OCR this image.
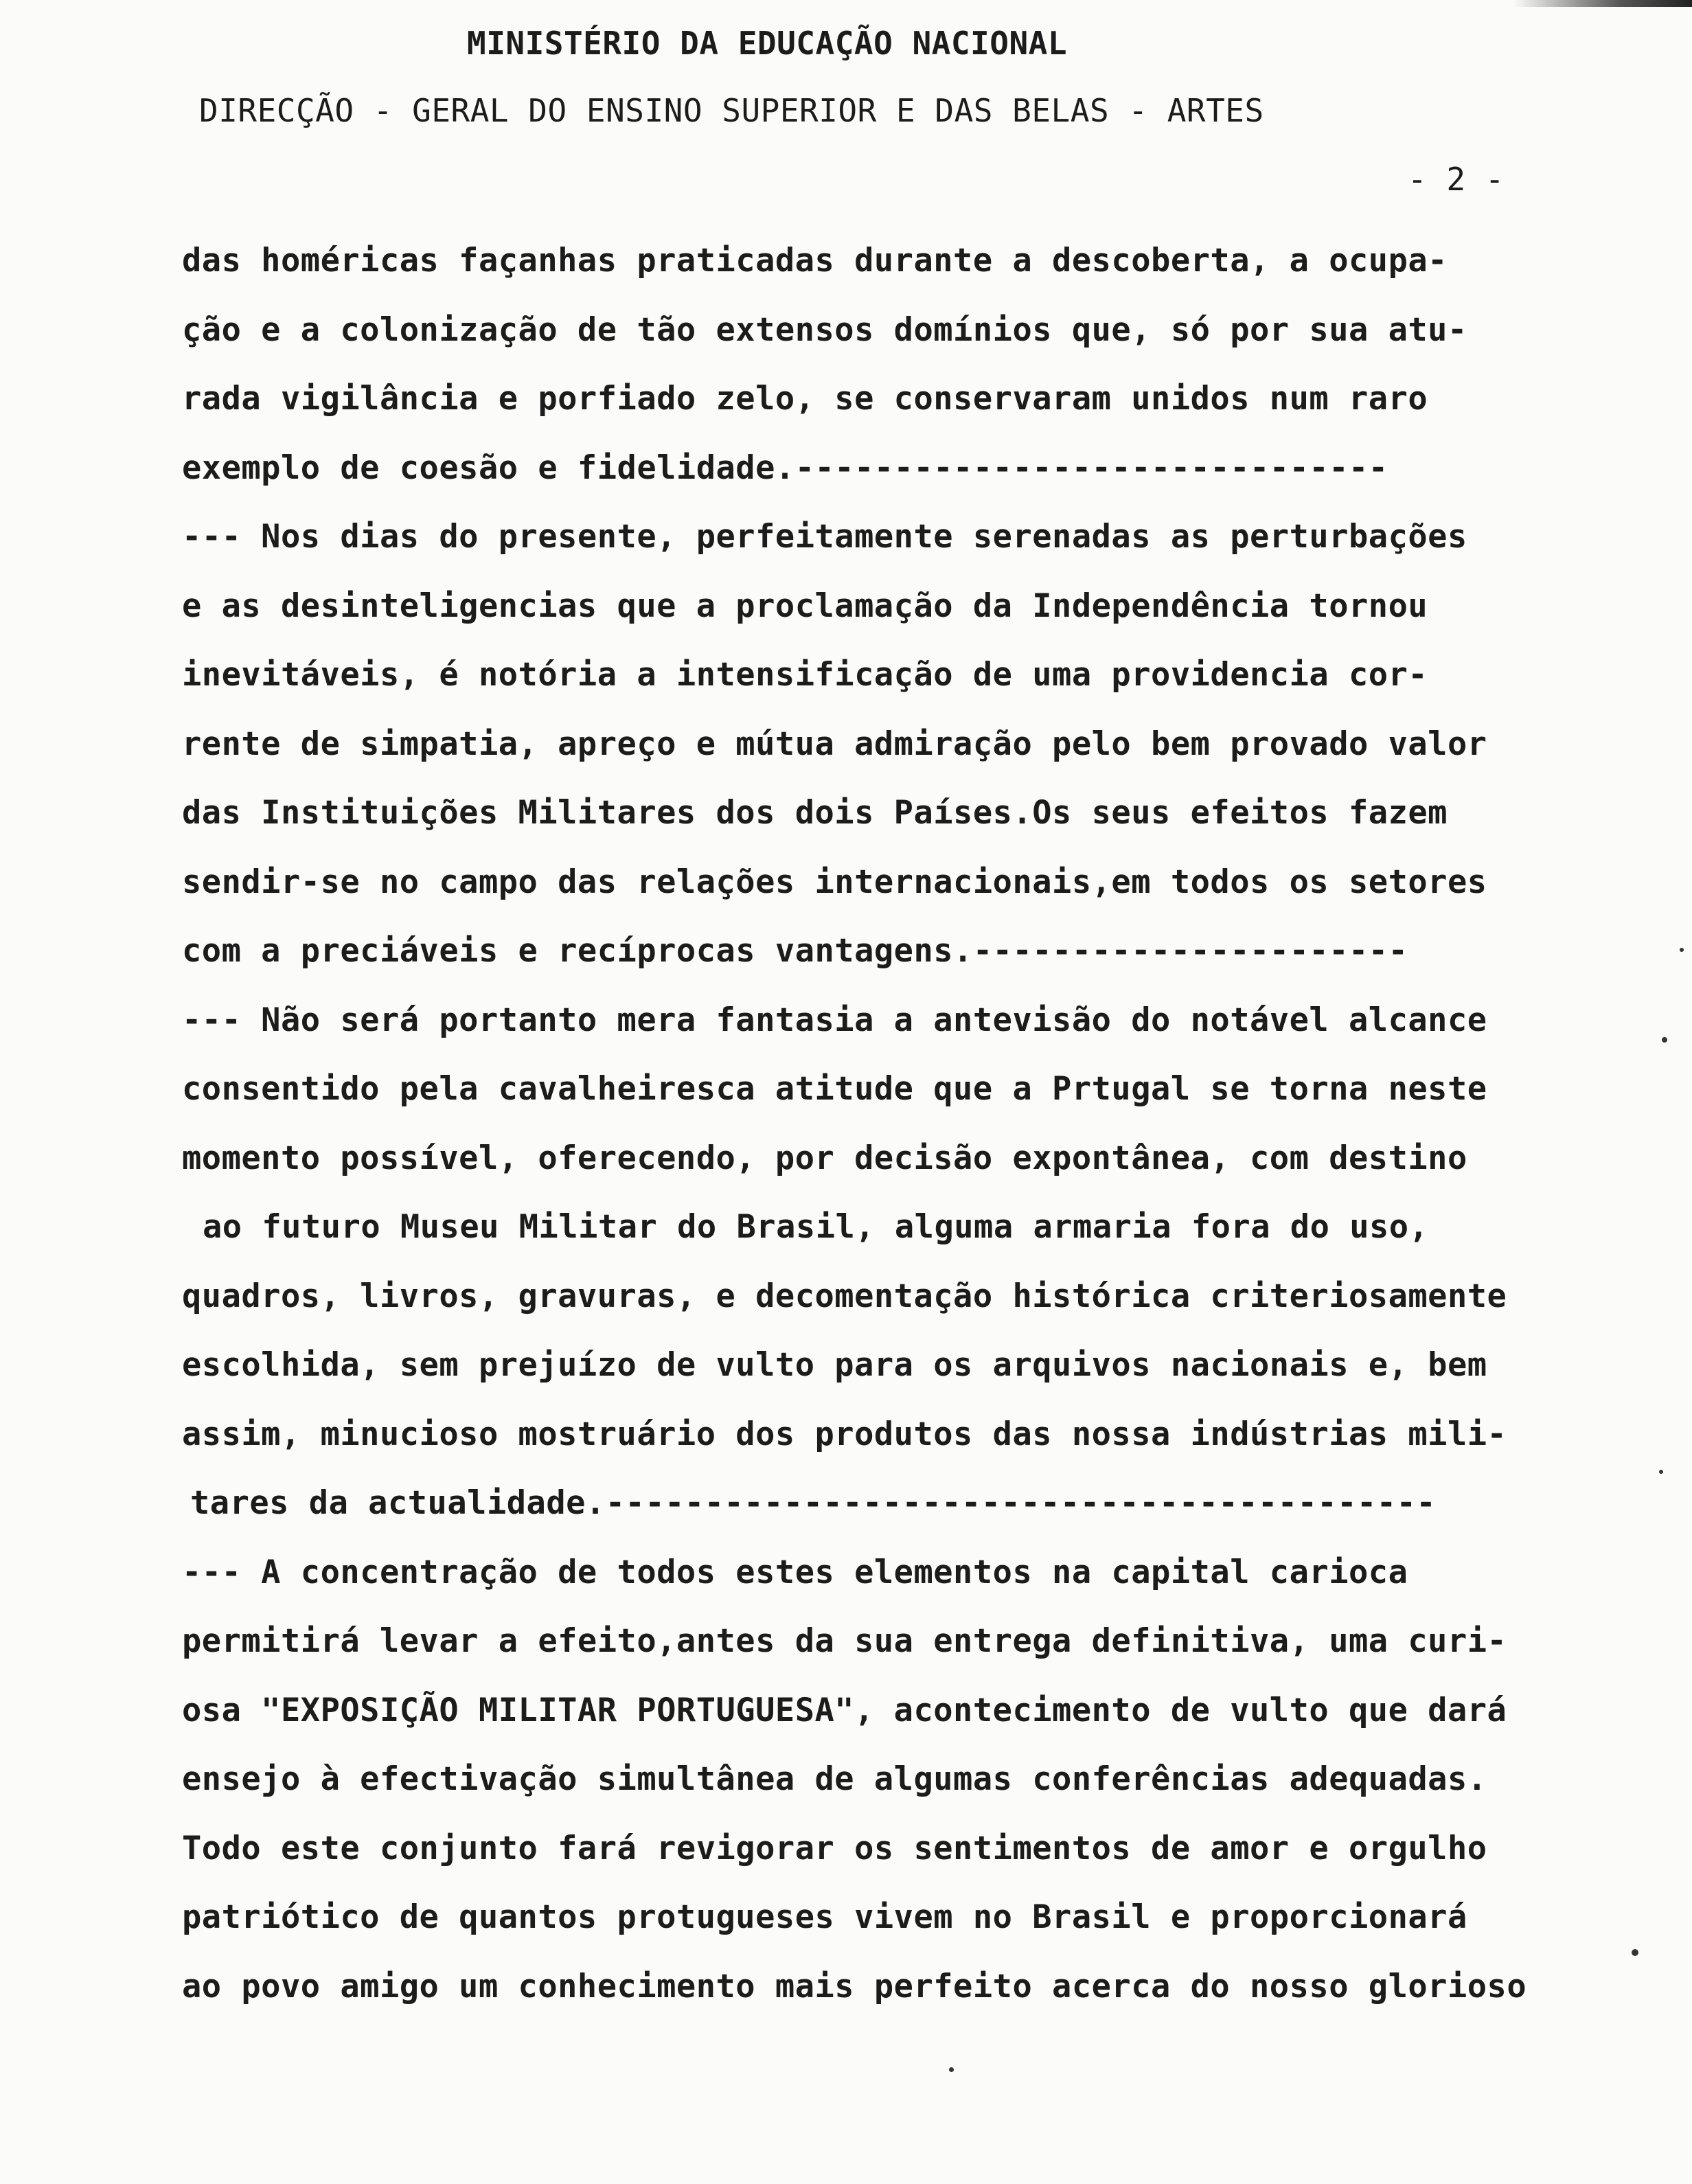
MINISTÉRIO DA EDUCAÇÃO NACIONAL
DIRECÇÃO - GERAL DO ENSINO SUPERIOR E DAS BELAS - ARTES
- 2 -
das homéricas façanhas praticadas durante a descoberta, a ocupa-
ção e a colonização de tão extensos domínios que, só por sua atu-
rada vigilância e porfiado zelo, se conservaram unidos num raro
exemplo de coesão e fidelidade.------------------------------
--- Nos dias do presente, perfeitamente serenadas as perturbações
e as desinteligencias que a proclamação da Independência tornou
inevitáveis, é notória a intensificação de uma providencia cor-
rente de simpatia, apreço e mútua admiração pelo bem provado valor
das Instituições Militares dos dois Países.Os seus efeitos fazem
sendir-se no campo das relações internacionais,em todos os setores
com a preciáveis e recíprocas vantagens.----------------------
--- Não será portanto mera fantasia a antevisão do notável alcance
consentido pela cavalheiresca atitude que a Prtugal se torna neste
momento possível, oferecendo, por decisão expontânea, com destino
ao futuro Museu Militar do Brasil, alguma armaria fora do uso,
quadros, livros, gravuras, e decomentação histórica criteriosamente
escolhida, sem prejuízo de vulto para os arquivos nacionais e, bem
assim, minucioso mostruário dos produtos das nossa indústrias mili-
tares da actualidade.------------------------------------------
--- A concentração de todos estes elementos na capital carioca
permitirá levar a efeito,antes da sua entrega definitiva, uma curi-
osa "EXPOSIÇÃO MILITAR PORTUGUESA", acontecimento de vulto que dará
ensejo à efectivação simultânea de algumas conferências adequadas.
Todo este conjunto fará revigorar os sentimentos de amor e orgulho
patriótico de quantos protugueses vivem no Brasil e proporcionará
ao povo amigo um conhecimento mais perfeito acerca do nosso glorioso
